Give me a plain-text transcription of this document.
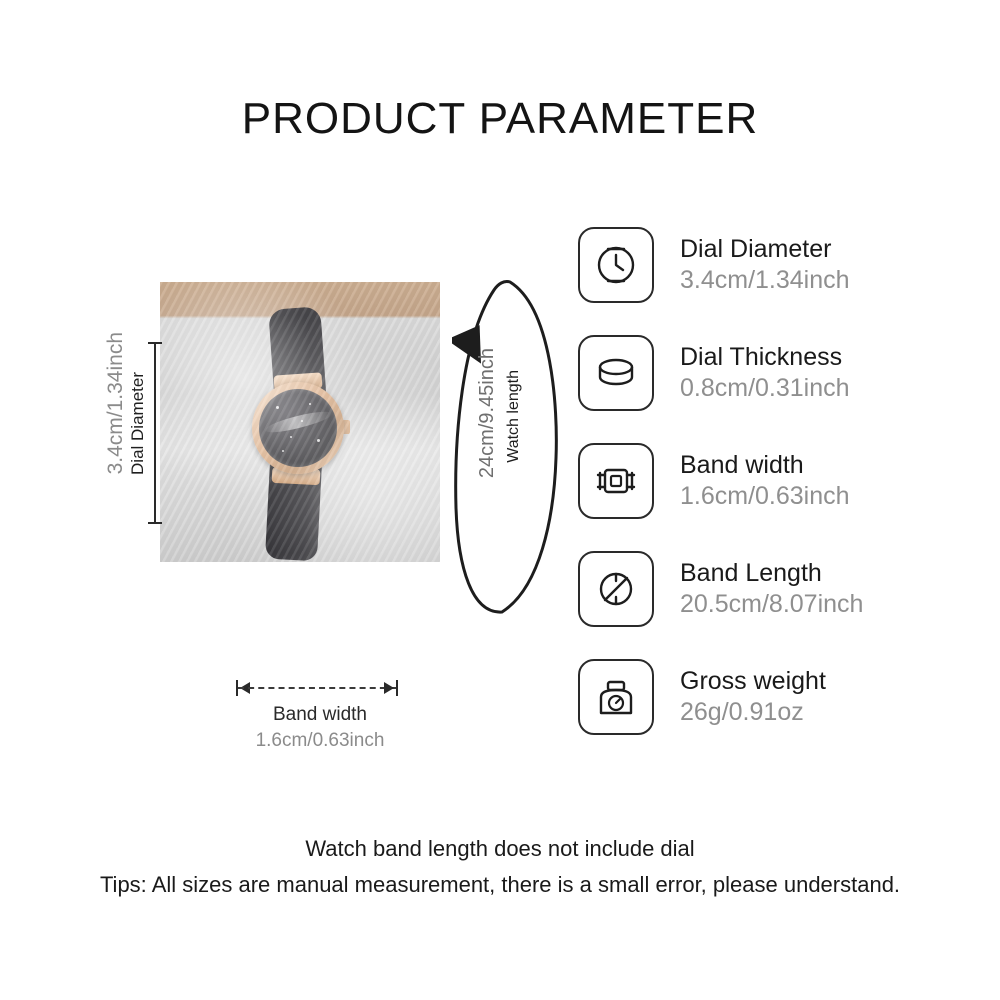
PRODUCT PARAMETER
3.4cm/1.34inch Dial Diameter	24cm/9.45inch Watch length
Band width
1.6cm/0.63inch
Dial Diameter
3.4cm/1.34inch
Dial Thickness
0.8cm/0.31inch
Band width
1.6cm/0.63inch
Band Length
20.5cm/8.07inch
Gross weight
26g/0.91oz
Watch band length does not include dial
Tips: All sizes are manual measurement, there is a small error, please understand.
